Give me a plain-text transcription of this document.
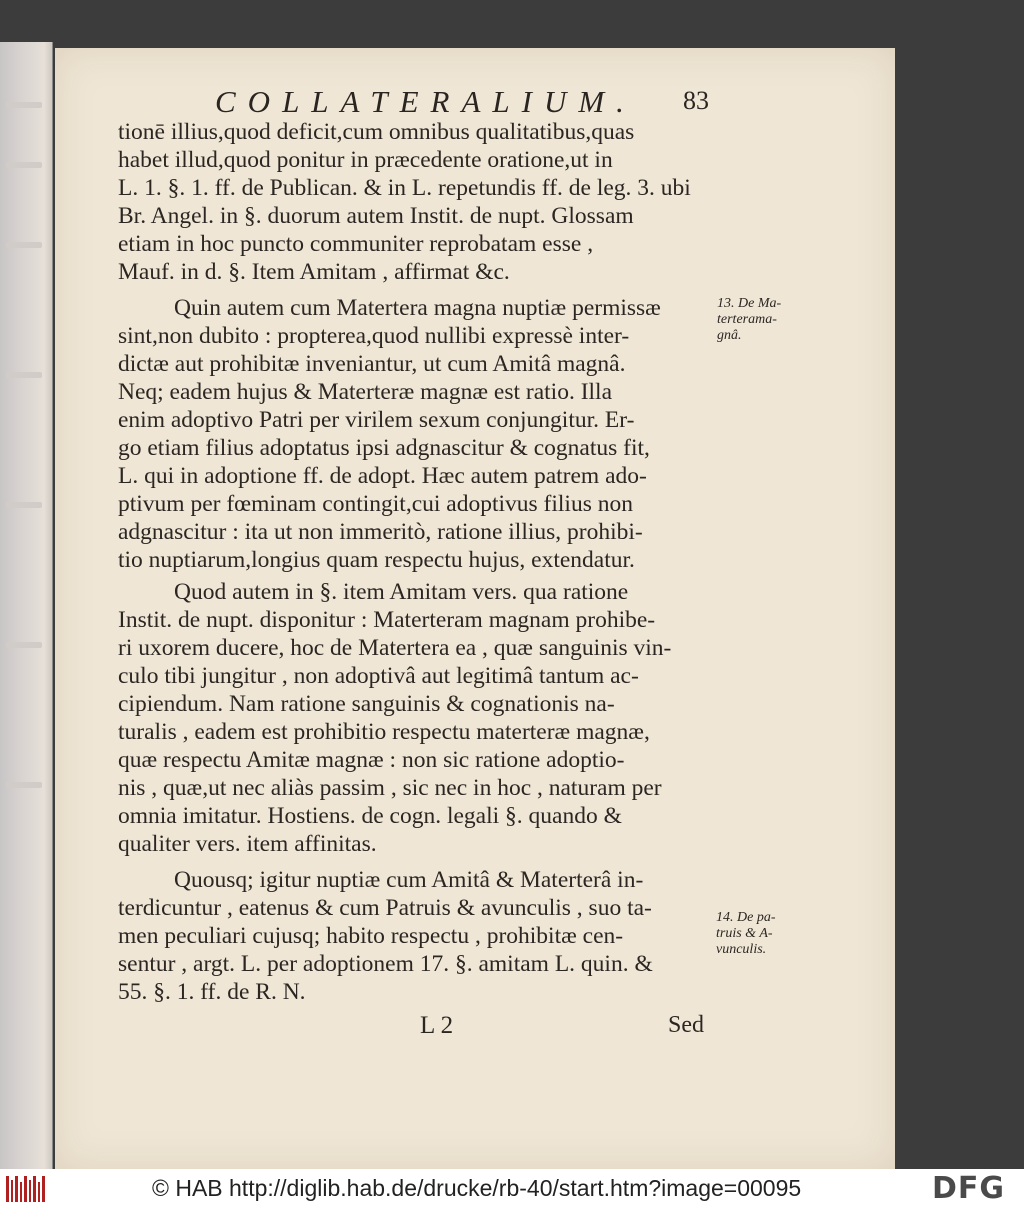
COLLATERALIUM. 83
tionē illius,quod deficit,cum omnibus qualitatibus,quas
habet illud,quod ponitur in præcedente oratione,ut in
L. 1. §. 1. ff. de Publican. & in L. repetundis ff. de leg. 3. ubi
Br. Angel. in §. duorum autem Instit. de nupt. Glossam
etiam in hoc puncto communiter reprobatam esse ,
Mauf. in d. §. Item Amitam , affirmat &c.
Quin autem cum Matertera magna nuptiæ permissæ
sint,non dubito : propterea,quod nullibi expressè inter-
dictæ aut prohibitæ inveniantur, ut cum Amitâ magnâ.
Neq; eadem hujus & Materteræ magnæ est ratio. Illa
enim adoptivo Patri per virilem sexum conjungitur. Er-
go etiam filius adoptatus ipsi adgnascitur & cognatus fit,
L. qui in adoptione ff. de adopt. Hæc autem patrem ado-
ptivum per fœminam contingit,cui adoptivus filius non
adgnascitur : ita ut non immeritò, ratione illius, prohibi-
tio nuptiarum,longius quam respectu hujus, extendatur.
Quod autem in §. item Amitam vers. qua ratione
Instit. de nupt. disponitur : Materteram magnam prohibe-
ri uxorem ducere, hoc de Matertera ea , quæ sanguinis vin-
culo tibi jungitur , non adoptivâ aut legitimâ tantum ac-
cipiendum. Nam ratione sanguinis & cognationis na-
turalis , eadem est prohibitio respectu materteræ magnæ,
quæ respectu Amitæ magnæ : non sic ratione adoptio-
nis , quæ,ut nec aliàs passim , sic nec in hoc , naturam per
omnia imitatur. Hostiens. de cogn. legali §. quando &
qualiter vers. item affinitas.
Quousq; igitur nuptiæ cum Amitâ & Materterâ in-
terdicuntur , eatenus & cum Patruis & avunculis , suo ta-
men peculiari cujusq; habito respectu , prohibitæ cen-
sentur , argt. L. per adoptionem 17. §. amitam L. quin. &
55. §. 1. ff. de R. N.
13. De Ma-
terterama-
gnâ.
14. De pa-
truis & A-
vunculis.
L 2	Sed
© HAB http://diglib.hab.de/drucke/rb-40/start.htm?image=00095	DFG
